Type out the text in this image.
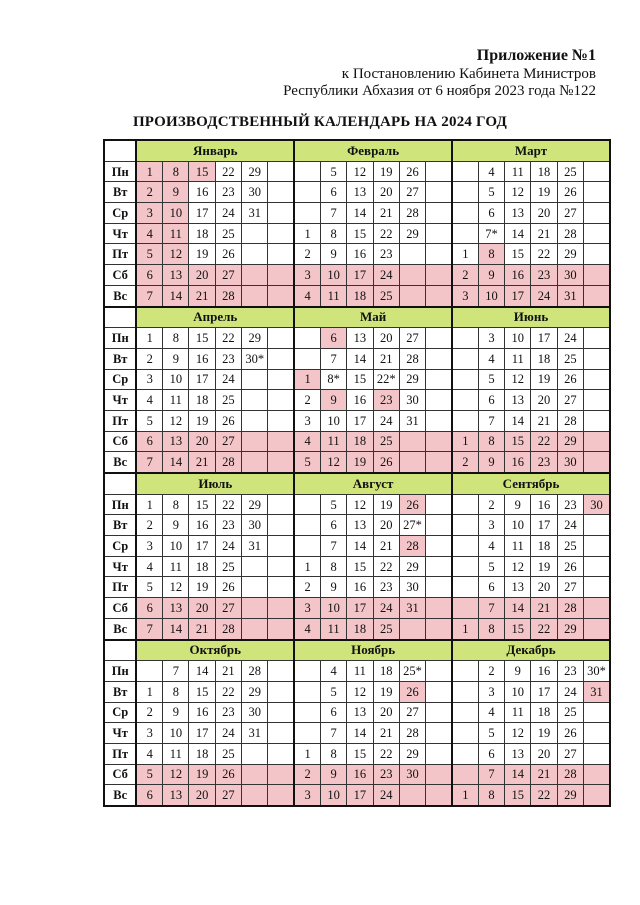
Приложение №1
к Постановлению Кабинета Министров
Республики Абхазия от 6 ноября 2023 года №122
ПРОИЗВОДСТВЕННЫЙ КАЛЕНДАРЬ НА 2024 ГОД
	Январь						Февраль						Март					
Пн	1	8	15	22	29			5	12	19	26			4	11	18	25	
Вт	2	9	16	23	30			6	13	20	27			5	12	19	26	
Ср	3	10	17	24	31			7	14	21	28			6	13	20	27	
Чт	4	11	18	25			1	8	15	22	29			7*	14	21	28	
Пт	5	12	19	26			2	9	16	23			1	8	15	22	29	
Сб	6	13	20	27			3	10	17	24			2	9	16	23	30	
Вс	7	14	21	28			4	11	18	25			3	10	17	24	31	
	Апрель						Май						Июнь					
Пн	1	8	15	22	29			6	13	20	27			3	10	17	24	
Вт	2	9	16	23	30*			7	14	21	28			4	11	18	25	
Ср	3	10	17	24			1	8*	15	22*	29			5	12	19	26	
Чт	4	11	18	25			2	9	16	23	30			6	13	20	27	
Пт	5	12	19	26			3	10	17	24	31			7	14	21	28	
Сб	6	13	20	27			4	11	18	25			1	8	15	22	29	
Вс	7	14	21	28			5	12	19	26			2	9	16	23	30	
	Июль						Август						Сентябрь					
Пн	1	8	15	22	29			5	12	19	26			2	9	16	23	30
Вт	2	9	16	23	30			6	13	20	27*			3	10	17	24	
Ср	3	10	17	24	31			7	14	21	28			4	11	18	25	
Чт	4	11	18	25			1	8	15	22	29			5	12	19	26	
Пт	5	12	19	26			2	9	16	23	30			6	13	20	27	
Сб	6	13	20	27			3	10	17	24	31			7	14	21	28	
Вс	7	14	21	28			4	11	18	25			1	8	15	22	29	
	Октябрь						Ноябрь						Декабрь					
Пн		7	14	21	28			4	11	18	25*			2	9	16	23	30*
Вт	1	8	15	22	29			5	12	19	26			3	10	17	24	31
Ср	2	9	16	23	30			6	13	20	27			4	11	18	25	
Чт	3	10	17	24	31			7	14	21	28			5	12	19	26	
Пт	4	11	18	25			1	8	15	22	29			6	13	20	27	
Сб	5	12	19	26			2	9	16	23	30			7	14	21	28	
Вс	6	13	20	27			3	10	17	24			1	8	15	22	29	
